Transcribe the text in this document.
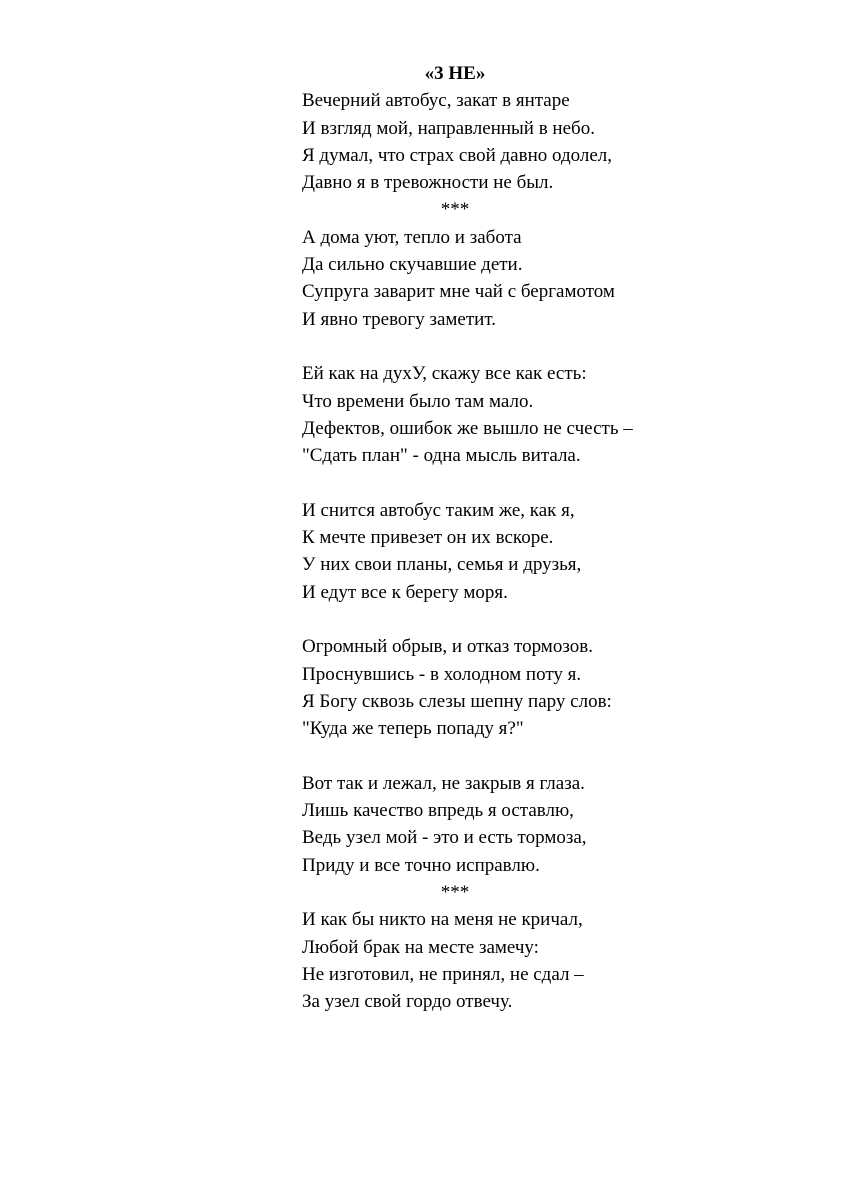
«3 НЕ»
Вечерний автобус, закат в янтаре
И взгляд мой, направленный в небо.
Я думал, что страх свой давно одолел,
Давно я в тревожности не был.
***
А дома уют, тепло и забота
Да сильно скучавшие дети.
Супруга заварит мне чай с бергамотом
И явно тревогу заметит.
Ей как на духУ, скажу все как есть:
Что времени было там мало.
Дефектов, ошибок же вышло не счесть –
"Сдать план" - одна мысль витала.
И снится автобус таким же, как я,
К мечте привезет он их вскоре.
У них свои планы, семья и друзья,
И едут все к берегу моря.
Огромный обрыв, и отказ тормозов.
Проснувшись - в холодном поту я.
Я Богу сквозь слезы шепну пару слов:
"Куда же теперь попаду я?"
Вот так и лежал, не закрыв я глаза.
Лишь качество впредь я оставлю,
Ведь узел мой - это и есть тормоза,
Приду и все точно исправлю.
***
И как бы никто на меня не кричал,
Любой брак на месте замечу:
Не изготовил, не принял, не сдал –
За узел свой гордо отвечу.
